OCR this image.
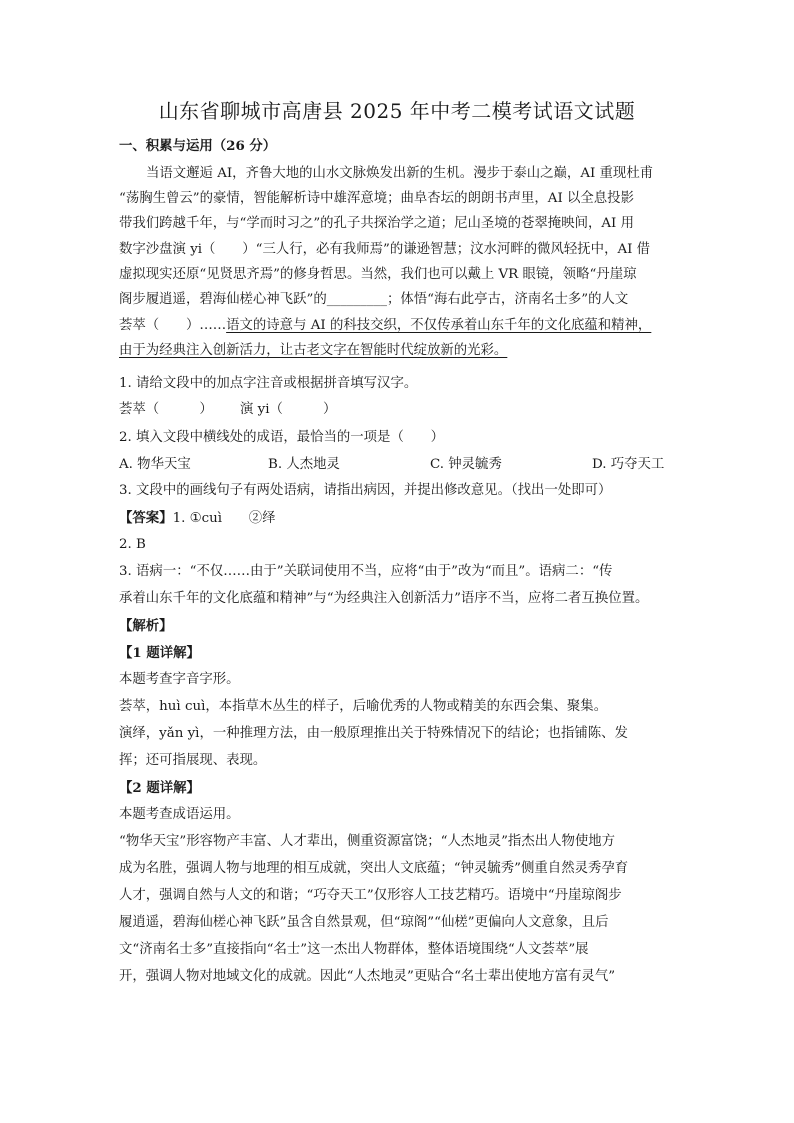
山东省聊城市高唐县 2025 年中考二模考试语文试题
一、积累与运用（26 分）
当语文邂逅 AI，齐鲁大地的山水文脉焕发出新的生机。漫步于泰山之巅，AI 重现杜甫
“荡胸生曾云”的豪情，智能解析诗中雄浑意境；曲阜杏坛的朗朗书声里，AI 以全息投影
带我们跨越千年，与“学而时习之”的孔子共探治学之道；尼山圣境的苍翠掩映间，AI 用
数字沙盘演 yi（　　）“三人行，必有我师焉”的谦逊智慧；汶水河畔的微风轻抚中，AI 借
虚拟现实还原“见贤思齐焉”的修身哲思。当然，我们也可以戴上 VR 眼镜，领略“丹崖琼
阁步履逍遥，碧海仙槎心神飞跃”的_________；体悟“海右此亭古，济南名士多”的人文
荟萃（　　）……语文的诗意与 AI 的科技交织，不仅传承着山东千年的文化底蕴和精神，
由于为经典注入创新活力，让古老文字在智能时代绽放新的光彩。
1. 请给文段中的加点字注音或根据拼音填写汉字。
荟萃（　　　） 演 yi（　　　）
2. 填入文段中横线处的成语，最恰当的一项是（　　）
A. 物华天宝	B. 人杰地灵	C. 钟灵毓秀	D. 巧夺天工
3. 文段中的画线句子有两处语病，请指出病因，并提出修改意见。（找出一处即可）
【答案】1. ①cuì　　②绎
2. B
3. 语病一：“不仅……由于”关联词使用不当，应将“由于”改为“而且”。语病二：“传
承着山东千年的文化底蕴和精神”与“为经典注入创新活力”语序不当，应将二者互换位置。
【解析】
【1 题详解】
本题考查字音字形。
荟萃，huì cuì，本指草木丛生的样子，后喻优秀的人物或精美的东西会集、聚集。
演绎，yǎn yì，一种推理方法，由一般原理推出关于特殊情况下的结论；也指铺陈、发
挥；还可指展现、表现。
【2 题详解】
本题考查成语运用。
“物华天宝”形容物产丰富、人才辈出，侧重资源富饶；“人杰地灵”指杰出人物使地方
成为名胜，强调人物与地理的相互成就，突出人文底蕴；“钟灵毓秀”侧重自然灵秀孕育
人才，强调自然与人文的和谐；“巧夺天工”仅形容人工技艺精巧。语境中“丹崖琼阁步
履逍遥，碧海仙槎心神飞跃”虽含自然景观，但“琼阁”“仙槎”更偏向人文意象，且后
文“济南名士多”直接指向“名士”这一杰出人物群体，整体语境围绕“人文荟萃”展
开，强调人物对地域文化的成就。因此“人杰地灵”更贴合“名士辈出使地方富有灵气”
